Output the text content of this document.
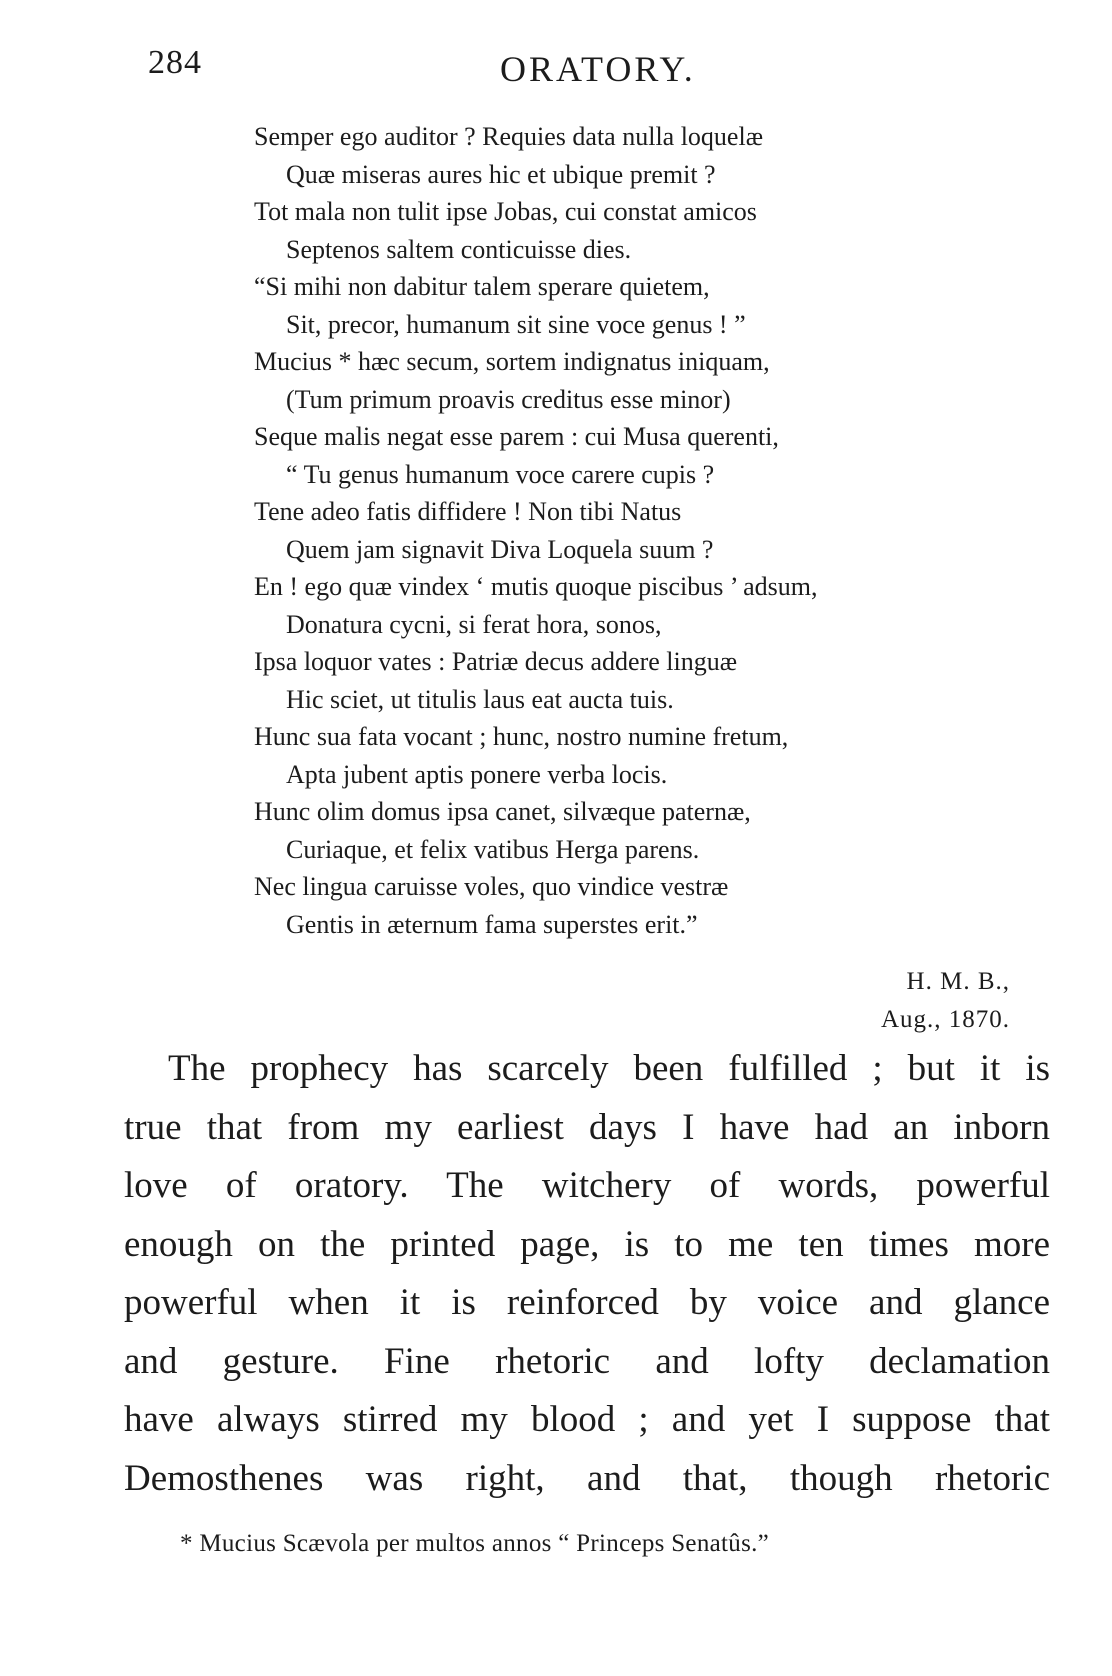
284	ORATORY.
Semper ego auditor ? Requies data nulla loquelæ
Quæ miseras aures hic et ubique premit ?
Tot mala non tulit ipse Jobas, cui constat amicos
Septenos saltem conticuisse dies.
“Si mihi non dabitur talem sperare quietem,
Sit, precor, humanum sit sine voce genus ! ”
Mucius * hæc secum, sortem indignatus iniquam,
(Tum primum proavis creditus esse minor)
Seque malis negat esse parem : cui Musa querenti,
“ Tu genus humanum voce carere cupis ?
Tene adeo fatis diffidere ! Non tibi Natus
Quem jam signavit Diva Loquela suum ?
En ! ego quæ vindex ‘ mutis quoque piscibus ’ adsum,
Donatura cycni, si ferat hora, sonos,
Ipsa loquor vates : Patriæ decus addere linguæ
Hic sciet, ut titulis laus eat aucta tuis.
Hunc sua fata vocant ; hunc, nostro numine fretum,
Apta jubent aptis ponere verba locis.
Hunc olim domus ipsa canet, silvæque paternæ,
Curiaque, et felix vatibus Herga parens.
Nec lingua caruisse voles, quo vindice vestræ
Gentis in æternum fama superstes erit.”
H. M. B.,
Aug., 1870.
The prophecy has scarcely been fulfilled ; but it is
true that from my earliest days I have had an inborn
love of oratory. The witchery of words, powerful
enough on the printed page, is to me ten times more
powerful when it is reinforced by voice and glance
and gesture. Fine rhetoric and lofty declamation
have always stirred my blood ; and yet I suppose that
Demosthenes was right, and that, though rhetoric
* Mucius Scævola per multos annos “ Princeps Senatûs.”
